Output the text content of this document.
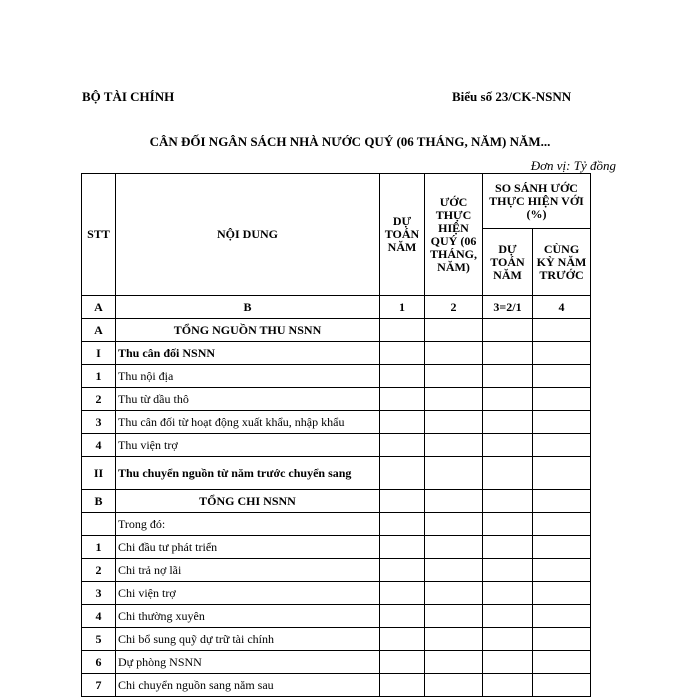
BỘ TÀI CHÍNH	Biểu số 23/CK-NSNN
CÂN ĐỐI NGÂN SÁCH NHÀ NƯỚC QUÝ (06 THÁNG, NĂM) NĂM...
Đơn vị: Tỷ đồng
STT	NỘI DUNG	DỰ TOÁN NĂM	ƯỚC THỰC HIỆN QUÝ (06 THÁNG, NĂM)	SO SÁNH ƯỚC THỰC HIỆN VỚI (%)	
				DỰ TOÁN NĂM	CÙNG KỲ NĂM TRƯỚC
A	B	1	2	3=2/1	4
A	TỔNG NGUỒN THU NSNN				
I	Thu cân đối NSNN				
1	Thu nội địa				
2	Thu từ dầu thô				
3	Thu cân đối từ hoạt động xuất khẩu, nhập khẩu				
4	Thu viện trợ				
II	Thu chuyển nguồn từ năm trước chuyển sang				
B	TỔNG CHI NSNN				
	Trong đó:				
1	Chi đầu tư phát triển				
2	Chi trả nợ lãi				
3	Chi viện trợ				
4	Chi thường xuyên				
5	Chi bổ sung quỹ dự trữ tài chính				
6	Dự phòng NSNN				
7	Chi chuyển nguồn sang năm sau				
